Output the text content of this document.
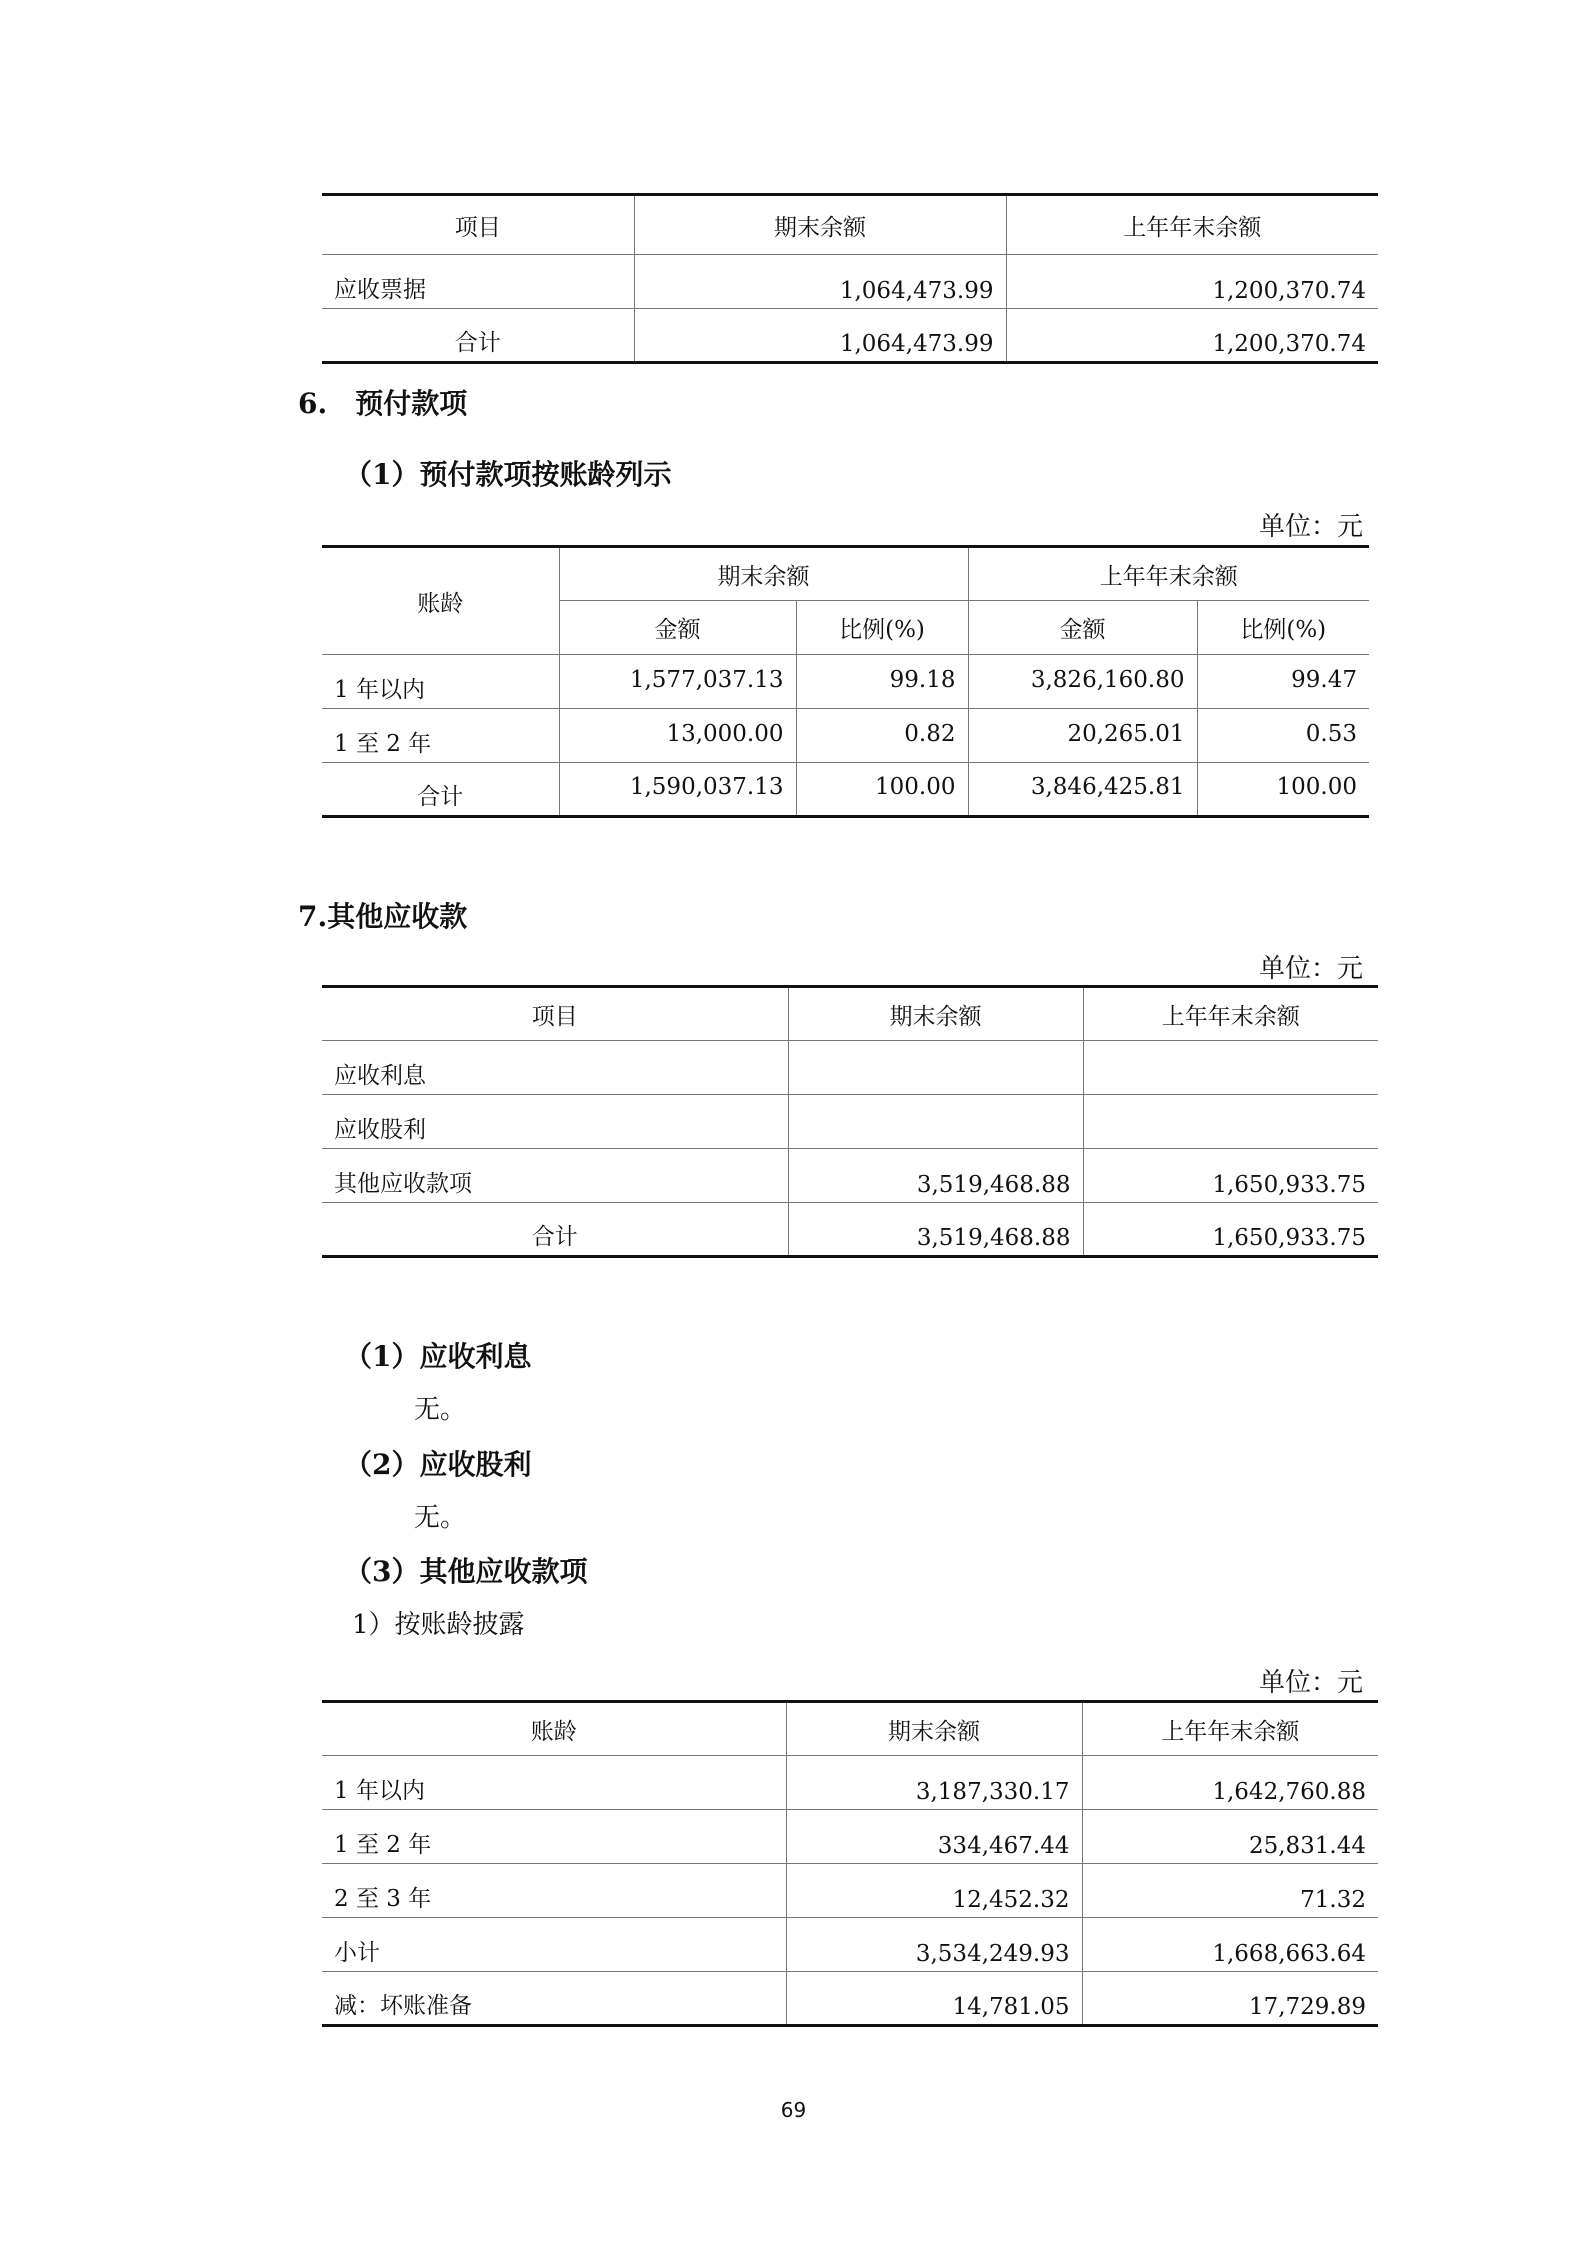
项目	期末余额	上年年末余额
应收票据	1,064,473.99	1,200,370.74
合计	1,064,473.99	1,200,370.74
6.　预付款项
（1）预付款项按账龄列示
单位：元
账龄	期末余额		上年年末余额	
	金额	比例(%)	金额	比例(%)
1 年以内	1,577,037.13	99.18	3,826,160.80	99.47
1 至 2 年	13,000.00	0.82	20,265.01	0.53
合计	1,590,037.13	100.00	3,846,425.81	100.00
7.其他应收款
单位：元
项目	期末余额	上年年末余额
应收利息		
应收股利		
其他应收款项	3,519,468.88	1,650,933.75
合计	3,519,468.88	1,650,933.75
（1）应收利息
无。
（2）应收股利
无。
（3）其他应收款项
1）按账龄披露
单位：元
账龄	期末余额	上年年末余额
1 年以内	3,187,330.17	1,642,760.88
1 至 2 年	334,467.44	25,831.44
2 至 3 年	12,452.32	71.32
小计	3,534,249.93	1,668,663.64
减：坏账准备	14,781.05	17,729.89
69
